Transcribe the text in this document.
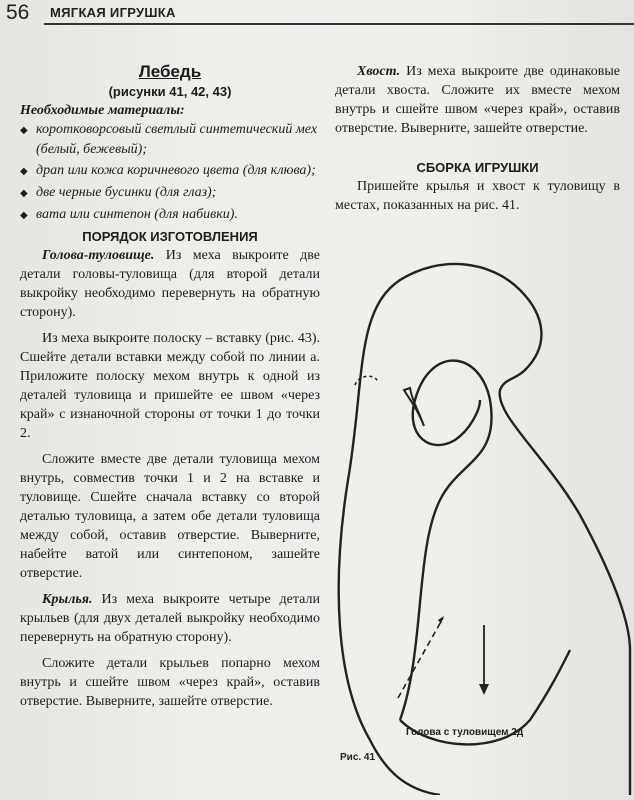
56 МЯГКАЯ ИГРУШКА

Лебедь

(рисунки 41, 42, 43)

Необходимые материалы:

◆ коротковорсовый светлый синтетический мех (белый, бежевый);

◆ драп или кожа коричневого цвета (для клюва);

◆ две черные бусинки (для глаз);

◆ вата или синтепон (для набивки).

ПОРЯДОК ИЗГОТОВЛЕНИЯ

Голова-туловище. Из меха выкроите две детали головы-туловища (для второй детали выкройку необходимо перевернуть на обратную сторону).

Из меха выкроите полоску – вставку (рис. 43). Сшейте детали вставки между собой по линии а. Приложите полоску мехом внутрь к одной из деталей туловища и пришейте ее швом «через край» с изнаночной стороны от точки 1 до точки 2.

Сложите вместе две детали туловища мехом внутрь, совместив точки 1 и 2 на вставке и туловище. Сшейте сначала вставку со второй деталью туловища, а затем обе детали туловища между собой, оставив отверстие. Выверните, набейте ватой или синтепоном, зашейте отверстие.

Крылья. Из меха выкроите четыре детали крыльев (для двух деталей выкройку необходимо перевернуть на обратную сторону).

Сложите детали крыльев попарно мехом внутрь и сшейте швом «через край», оставив отверстие. Выверните, зашейте отверстие.

Хвост. Из меха выкроите две одинаковые детали хвоста. Сложите их вместе мехом внутрь и сшейте швом «через край», оставив отверстие. Выверните, зашейте отверстие.

СБОРКА ИГРУШКИ

Пришейте крылья и хвост к туловищу в местах, показанных на рис. 41.

Голова с туловищем 2д
Рис. 41
